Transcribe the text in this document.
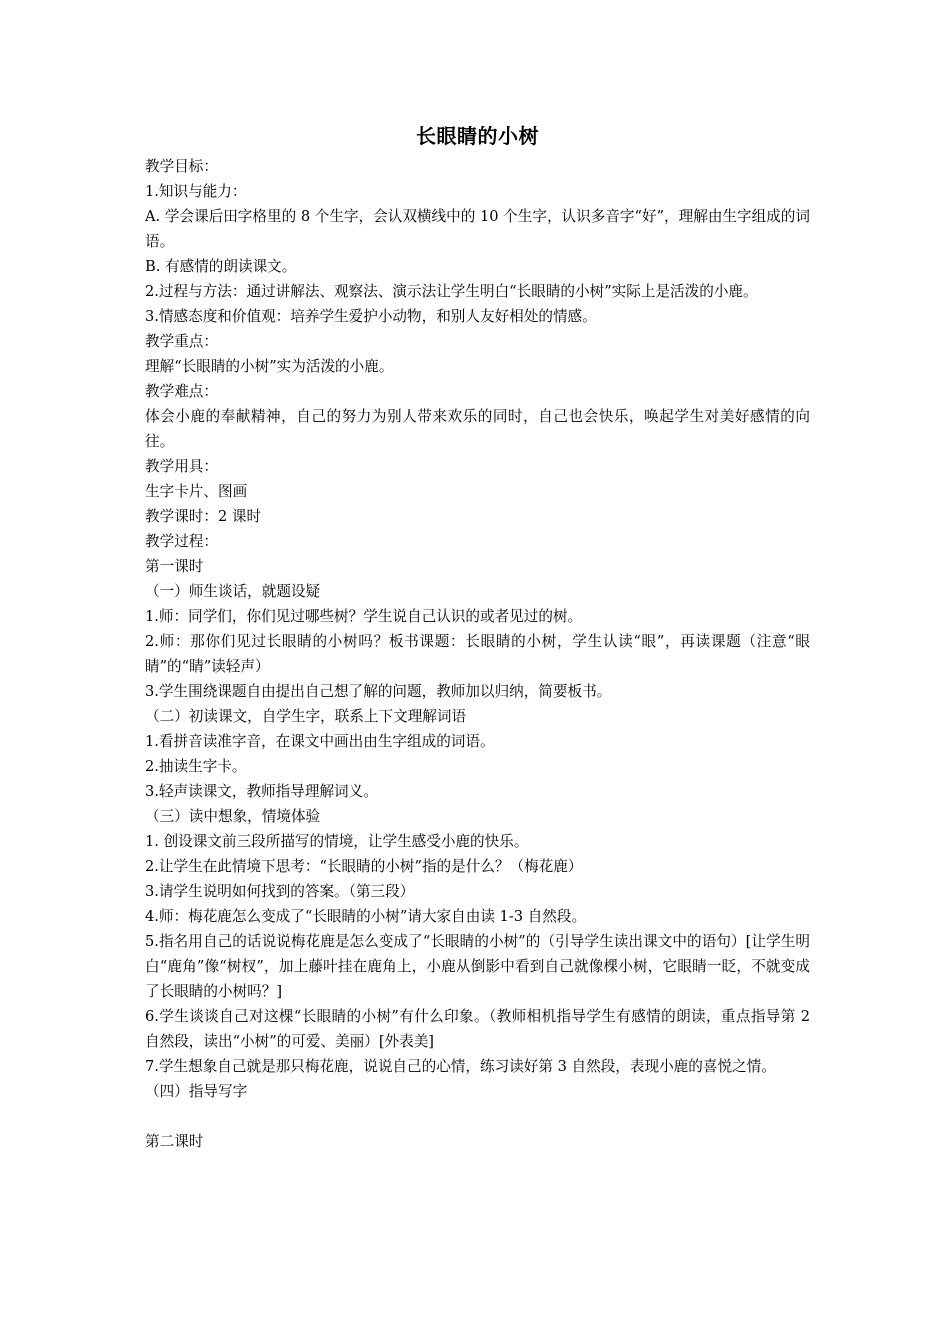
长眼睛的小树

教学目标：

1.知识与能力：

A. 学会课后田字格里的 8 个生字，会认双横线中的 10 个生字，认识多音字“好”，理解由生字组成的词语。

B. 有感情的朗读课文。

2.过程与方法：通过讲解法、观察法、演示法让学生明白“长眼睛的小树”实际上是活泼的小鹿。

3.情感态度和价值观：培养学生爱护小动物，和别人友好相处的情感。

教学重点：

理解“长眼睛的小树”实为活泼的小鹿。

教学难点：

体会小鹿的奉献精神，自己的努力为别人带来欢乐的同时，自己也会快乐，唤起学生对美好感情的向往。

教学用具：

生字卡片、图画

教学课时：2 课时

教学过程：

第一课时

（一）师生谈话，就题设疑

1.师：同学们，你们见过哪些树？学生说自己认识的或者见过的树。

2.师：那你们见过长眼睛的小树吗？板书课题：长眼睛的小树，学生认读“眼”，再读课题（注意“眼睛”的“睛”读轻声）

3.学生围绕课题自由提出自己想了解的问题，教师加以归纳，简要板书。

（二）初读课文，自学生字，联系上下文理解词语

1.看拼音读准字音，在课文中画出由生字组成的词语。

2.抽读生字卡。

3.轻声读课文，教师指导理解词义。

（三）读中想象，情境体验

1. 创设课文前三段所描写的情境，让学生感受小鹿的快乐。

2.让学生在此情境下思考：“长眼睛的小树”指的是什么？（梅花鹿）

3.请学生说明如何找到的答案。（第三段）

4.师：梅花鹿怎么变成了“长眼睛的小树”请大家自由读 1-3 自然段。

5.指名用自己的话说说梅花鹿是怎么变成了“长眼睛的小树”的（引导学生读出课文中的语句）[让学生明白“鹿角”像“树杈”，加上藤叶挂在鹿角上，小鹿从倒影中看到自己就像棵小树，它眼睛一眨，不就变成了长眼睛的小树吗？]

6.学生谈谈自己对这棵“长眼睛的小树”有什么印象。（教师相机指导学生有感情的朗读，重点指导第 2 自然段，读出“小树”的可爱、美丽）[外表美]

7.学生想象自己就是那只梅花鹿，说说自己的心情，练习读好第 3 自然段，表现小鹿的喜悦之情。

（四）指导写字

第二课时
